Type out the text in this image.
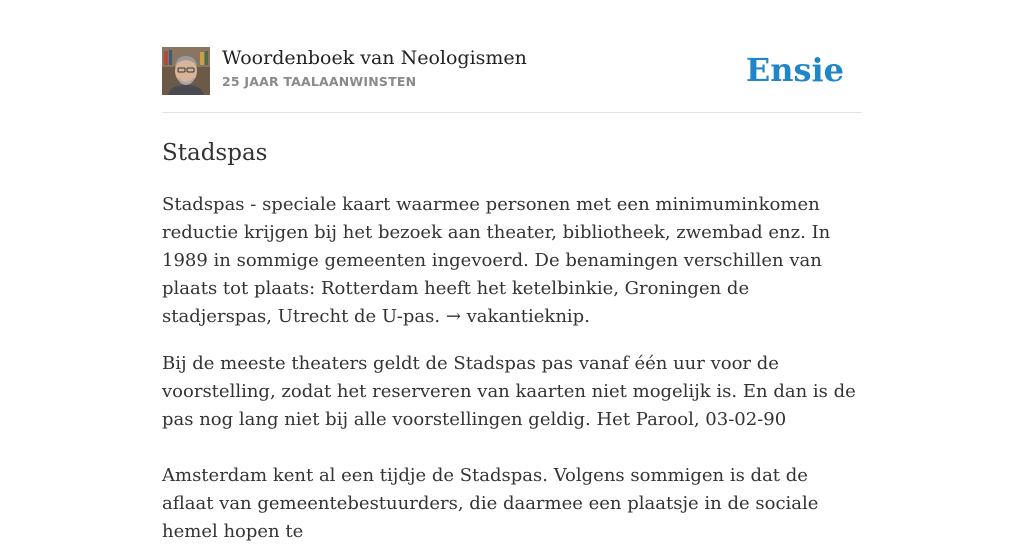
Woordenboek van Neologismen
25 JAAR TAALAANWINSTEN	Ensie
Stadspas

Stadspas - speciale kaart waarmee personen met een minimuminkomen reductie krijgen bij het bezoek aan theater, bibliotheek, zwembad enz. In 1989 in sommige gemeenten ingevoerd. De benamingen verschillen van plaats tot plaats: Rotterdam heeft het ketelbinkie, Groningen de stadjerspas, Utrecht de U-pas. → vakantieknip.

Bij de meeste theaters geldt de Stadspas pas vanaf één uur voor de voorstelling, zodat het reserveren van kaarten niet mogelijk is. En dan is de pas nog lang niet bij alle voorstellingen geldig. Het Parool, 03-02-90

Amsterdam kent al een tijdje de Stadspas. Volgens sommigen is dat de aflaat van gemeentebestuurders, die daarmee een plaatsje in de sociale hemel hopen te
